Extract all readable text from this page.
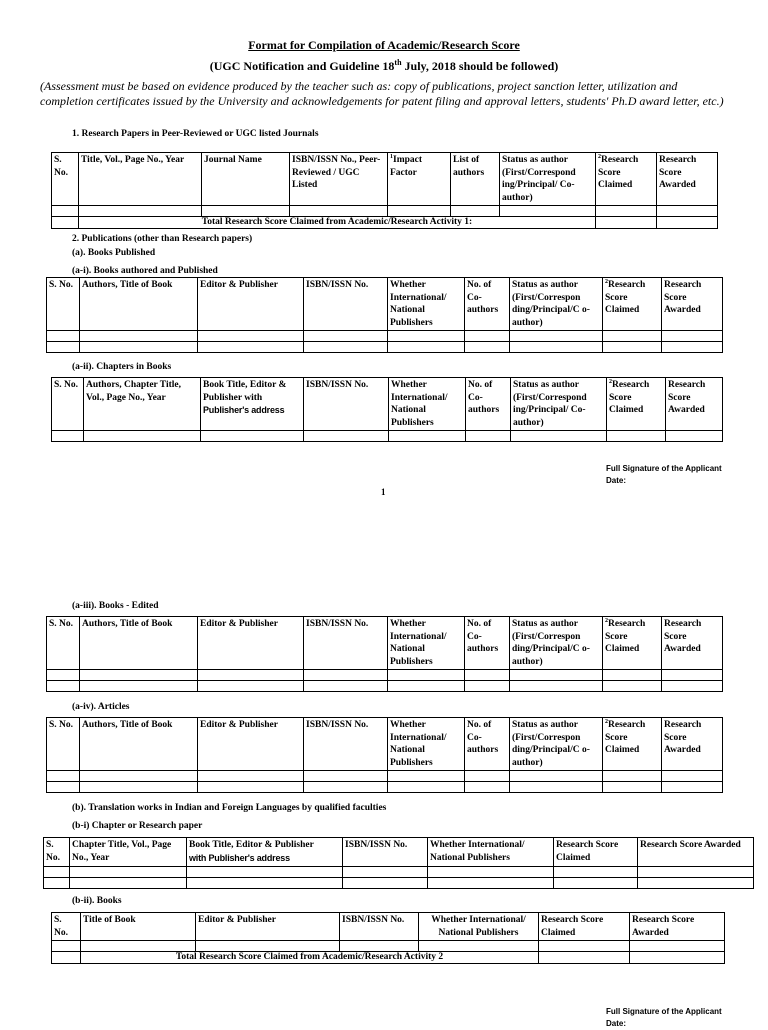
Format for Compilation of Academic/Research Score
(UGC Notification and Guideline 18th July, 2018 should be followed)
(Assessment must be based on evidence produced by the teacher such as: copy of publications, project sanction letter, utilization and completion certificates issued by the University and acknowledgements for patent filing and approval letters, students' Ph.D award letter, etc.)
1. Research Papers in Peer-Reviewed or UGC listed Journals
S. No.	Title, Vol., Page No., Year	Journal Name	ISBN/ISSN No., Peer-Reviewed / UGC Listed	$^1$Impact Factor	List of authors	Status as author (First/Correspond ing/Principal/ Co-author)	$^2$Research Score Claimed	Research Score Awarded

	Total Research Score Claimed from Academic/Research Activity 1:							
2. Publications (other than Research papers)
(a). Books Published
(a-i). Books authored and Published
S. No.	Authors, Title of Book	Editor & Publisher	ISBN/ISSN No.	Whether International/ National Publishers	No. of Co-authors	Status as author (First/Correspon ding/Principal/C o-author)	$^2$Research Score Claimed	Research Score Awarded

(a-ii). Chapters in Books
S. No.	Authors, Chapter Title, Vol., Page No., Year	Book Title, Editor & Publisher with
Publisher's address	ISBN/ISSN No.	Whether International/ National Publishers	No. of Co-authors	Status as author (First/Correspond ing/Principal/ Co-author)	$^2$Research Score Claimed	Research Score Awarded

Full Signature of the Applicant
Date:
1
(a-iii). Books - Edited
S. No.	Authors, Title of Book	Editor & Publisher	ISBN/ISSN No.	Whether International/ National Publishers	No. of Co-authors	Status as author (First/Correspon ding/Principal/C o-author)	$^2$Research Score Claimed	Research Score Awarded

(a-iv). Articles
S. No.	Authors, Title of Book	Editor & Publisher	ISBN/ISSN No.	Whether International/ National Publishers	No. of Co-authors	Status as author (First/Correspon ding/Principal/C o-author)	$^2$Research Score Claimed	Research Score Awarded

(b). Translation works in Indian and Foreign Languages by qualified faculties
(b-i) Chapter or Research paper
S. No.	Chapter Title, Vol., Page No., Year	Book Title, Editor & Publisher
with Publisher's address	ISBN/ISSN No.	Whether International/ National Publishers	Research Score Claimed	Research Score Awarded

(b-ii). Books
S. No.	Title of Book	Editor & Publisher	ISBN/ISSN No.	Whether International/ National Publishers	Research Score Claimed	Research Score Awarded

	Total Research Score Claimed from Academic/Research Activity 2					
Full Signature of the Applicant
Date:
